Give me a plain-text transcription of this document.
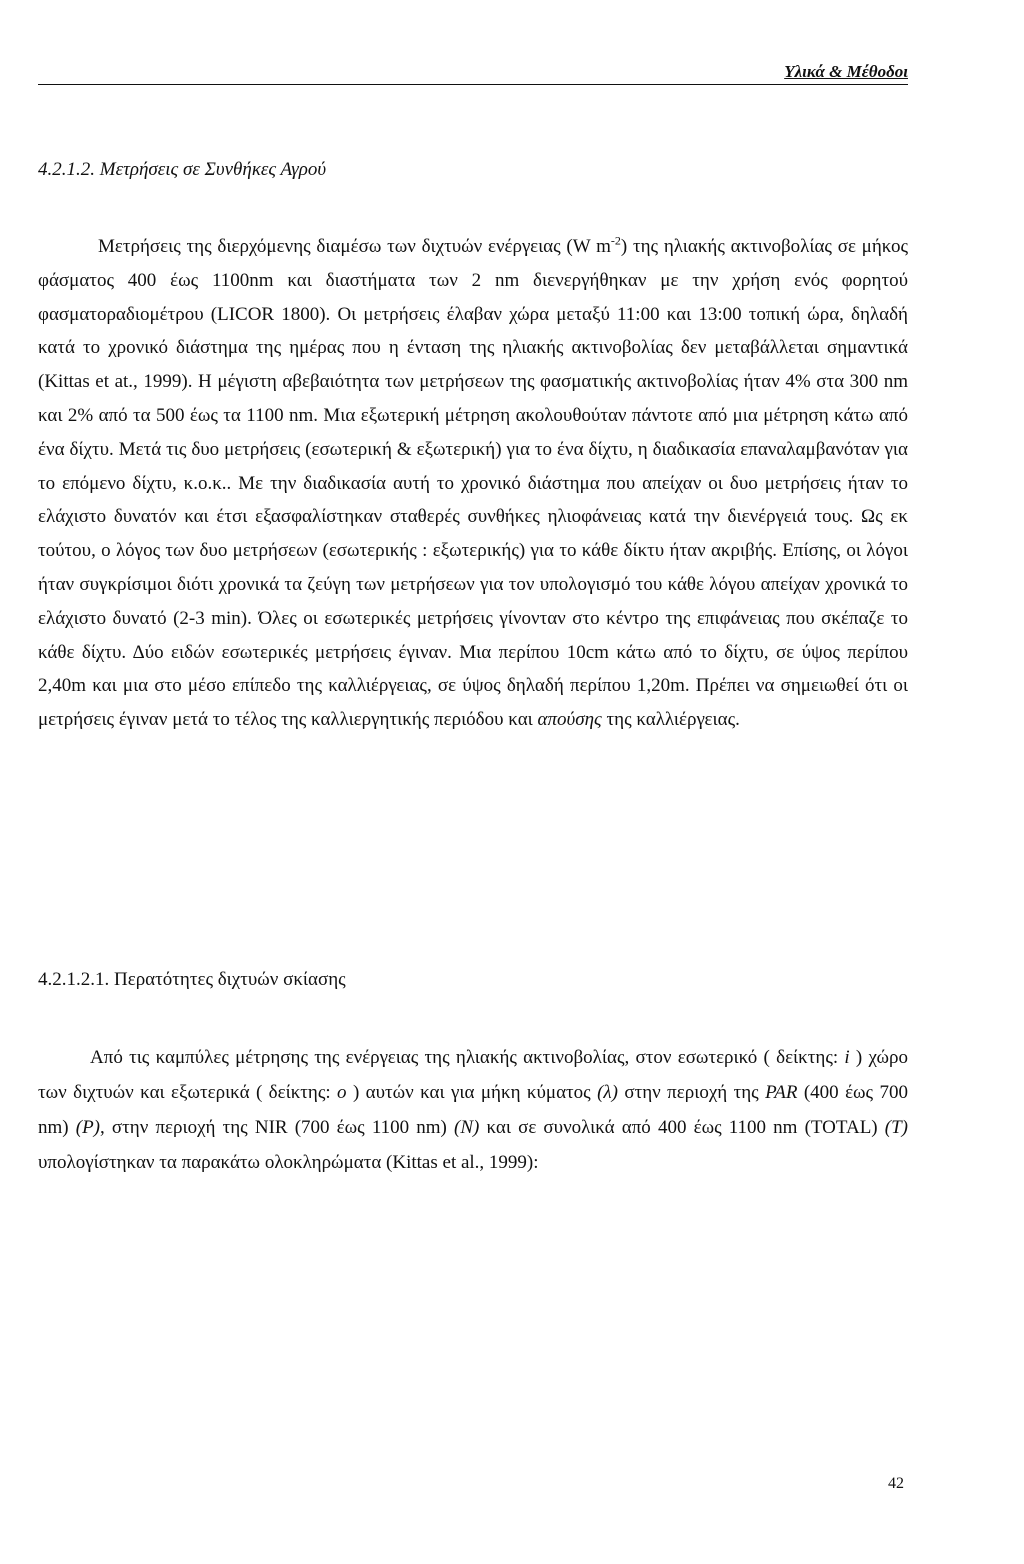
Υλικά & Μέθοδοι
4.2.1.2. Μετρήσεις σε Συνθήκες Αγρού

Μετρήσεις της διερχόμενης διαμέσω των διχτυών ενέργειας (W $m^{-2}$) της ηλιακής ακτινοβολίας σε μήκος φάσματος 400 έως 1100nm και διαστήματα των 2 nm διενεργήθηκαν με την χρήση ενός φορητού φασματοραδιομέτρου (LICOR 1800). Οι μετρήσεις έλαβαν χώρα μεταξύ 11:00 και 13:00 τοπική ώρα, δηλαδή κατά το χρονικό διάστημα της ημέρας που η ένταση της ηλιακής ακτινοβολίας δεν μεταβάλλεται σημαντικά (Kittas et at., 1999). Η μέγιστη αβεβαιότητα των μετρήσεων της φασματικής ακτινοβολίας ήταν 4% στα 300 nm και 2% από τα 500 έως τα 1100 nm. Μια εξωτερική μέτρηση ακολουθούταν πάντοτε από μια μέτρηση κάτω από ένα δίχτυ. Μετά τις δυο μετρήσεις (εσωτερική & εξωτερική) για το ένα δίχτυ, η διαδικασία επαναλαμβανόταν για το επόμενο δίχτυ, κ.ο.κ.. Με την διαδικασία αυτή το χρονικό διάστημα που απείχαν οι δυο μετρήσεις ήταν το ελάχιστο δυνατόν και έτσι εξασφαλίστηκαν σταθερές συνθήκες ηλιοφάνειας κατά την διενέργειά τους. Ως εκ τούτου, ο λόγος των δυο μετρήσεων (εσωτερικής : εξωτερικής) για το κάθε δίκτυ ήταν ακριβής. Επίσης, οι λόγοι ήταν συγκρίσιμοι διότι χρονικά τα ζεύγη των μετρήσεων για τον υπολογισμό του κάθε λόγου απείχαν χρονικά το ελάχιστο δυνατό (2-3 min). Όλες οι εσωτερικές μετρήσεις γίνονταν στο κέντρο της επιφάνειας που σκέπαζε το κάθε δίχτυ. Δύο ειδών εσωτερικές μετρήσεις έγιναν. Μια περίπου 10cm κάτω από το δίχτυ, σε ύψος περίπου 2,40m και μια στο μέσο επίπεδο της καλλιέργειας, σε ύψος δηλαδή περίπου 1,20m. Πρέπει να σημειωθεί ότι οι μετρήσεις έγιναν μετά το τέλος της καλλιεργητικής περιόδου και απούσης της καλλιέργειας.

4.2.1.2.1. Περατότητες διχτυών σκίασης

Από τις καμπύλες μέτρησης της ενέργειας της ηλιακής ακτινοβολίας, στον εσωτερικό ( δείκτης: i ) χώρο των διχτυών και εξωτερικά ( δείκτης: o ) αυτών και για μήκη κύματος (λ) στην περιοχή της PAR (400 έως 700 nm) (P), στην περιοχή της NIR (700 έως 1100 nm) (N) και σε συνολικά από 400 έως 1100 nm (TOTAL) (T) υπολογίστηκαν τα παρακάτω ολοκληρώματα (Kittas et al., 1999):

42
